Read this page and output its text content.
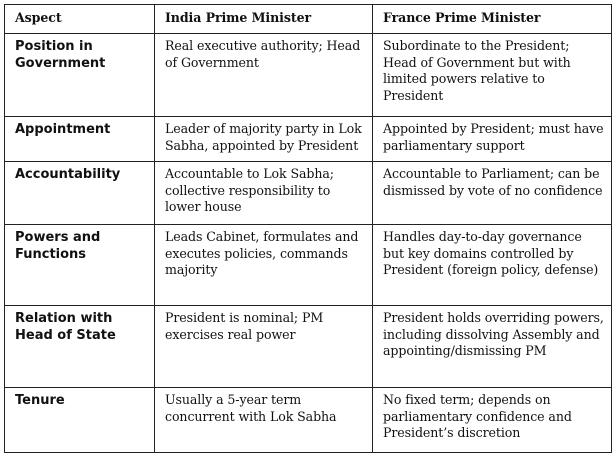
Aspect	India Prime Minister	France Prime Minister

Position in Government	Real executive authority; Head of Government	Subordinate to the President; Head of Government but with limited powers relative to President

Appointment	Leader of majority party in Lok Sabha, appointed by President	Appointed by President; must have parliamentary support

Accountability	Accountable to Lok Sabha; collective responsibility to lower house	Accountable to Parliament; can be dismissed by vote of no confidence

Powers and Functions	Leads Cabinet, formulates and executes policies, commands majority	Handles day-to-day governance but key domains controlled by President (foreign policy, defense)

Relation with Head of State	President is nominal; PM exercises real power	President holds overriding powers, including dissolving Assembly and appointing/dismissing PM

Tenure	Usually a 5-year term concurrent with Lok Sabha	No fixed term; depends on parliamentary confidence and President’s discretion
